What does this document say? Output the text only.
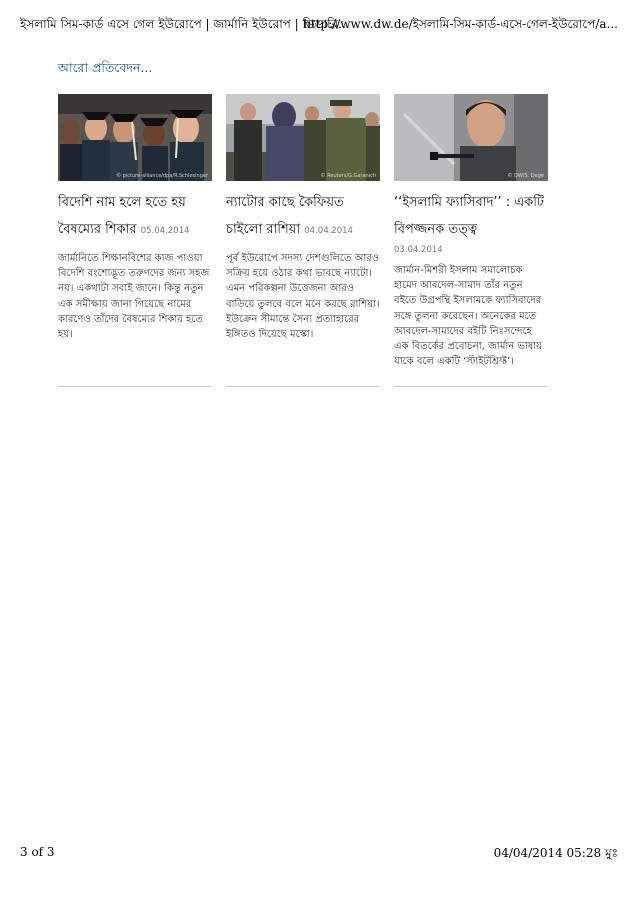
ইসলামি সিম-কার্ড এসে গেল ইউরোপে | জার্মানি ইউরোপ | ডিডাব্লি...
http://www.dw.de/ইসলামি-সিম-কার্ড-এসে-গেল-ইউরোপে/a...
আরো প্রতিবেদন...
© picture-alliance/dpa/R.Schlesinger
বিদেশি নাম হলে হতে হয় বৈষম্যের শিকার 05.04.2014

জার্মানিতে শিক্ষানবিশের কাজ পাওয়া বিদেশি বংশোদ্ভূত তরুণদের জন্য সহজ নয়। একথাটা সবাই জানে। কিন্তু নতুন এক সমীক্ষায় জানা গিয়েছে নামের কারণেও তাঁদের বৈষম্যের শিকার হতে হয়।

© Reuters/G.Garanich
ন্যাটোর কাছে কৈফিয়ত চাইলো রাশিয়া 04.04.2014

পূর্ব ইউরোপে সদস্য দেশগুলিতে আরও সক্রিয় হয়ে ওঠার কথা ভাবছে ন্যাটো। এমন পরিকল্পনা উত্তেজনা আরও বাড়িয়ে তুলবে বলে মনে করছে রাশিয়া। ইউক্রেন সীমান্তে সৈন্য প্রত্যাহারের ইঙ্গিতও দিয়েছে মস্কো।

© DW/S. Dege
‘‘ইসলামি ফ্যাসিবাদ’’ : একটি বিপজ্জনক তত্ত্ব
03.04.2014

জার্মান-মিশরী ইসলাম সমালোচক হামেদ আবদেল-সামাদ তাঁর নতুন বইতে উগ্রপন্থি ইসলামকে ফ্যাসিবাদের সঙ্গে তুলনা করেছেন। অনেকের মতে আবদেল-সামাদের বইটি নিঃসন্দেহে এক বিতর্কের প্রবোচনা, জার্মান ভাষায় যাকে বলে একটি ‘স্টাইটশ্রিফ্ট’।

3 of 3	04/04/2014 05:28 মুঃ
